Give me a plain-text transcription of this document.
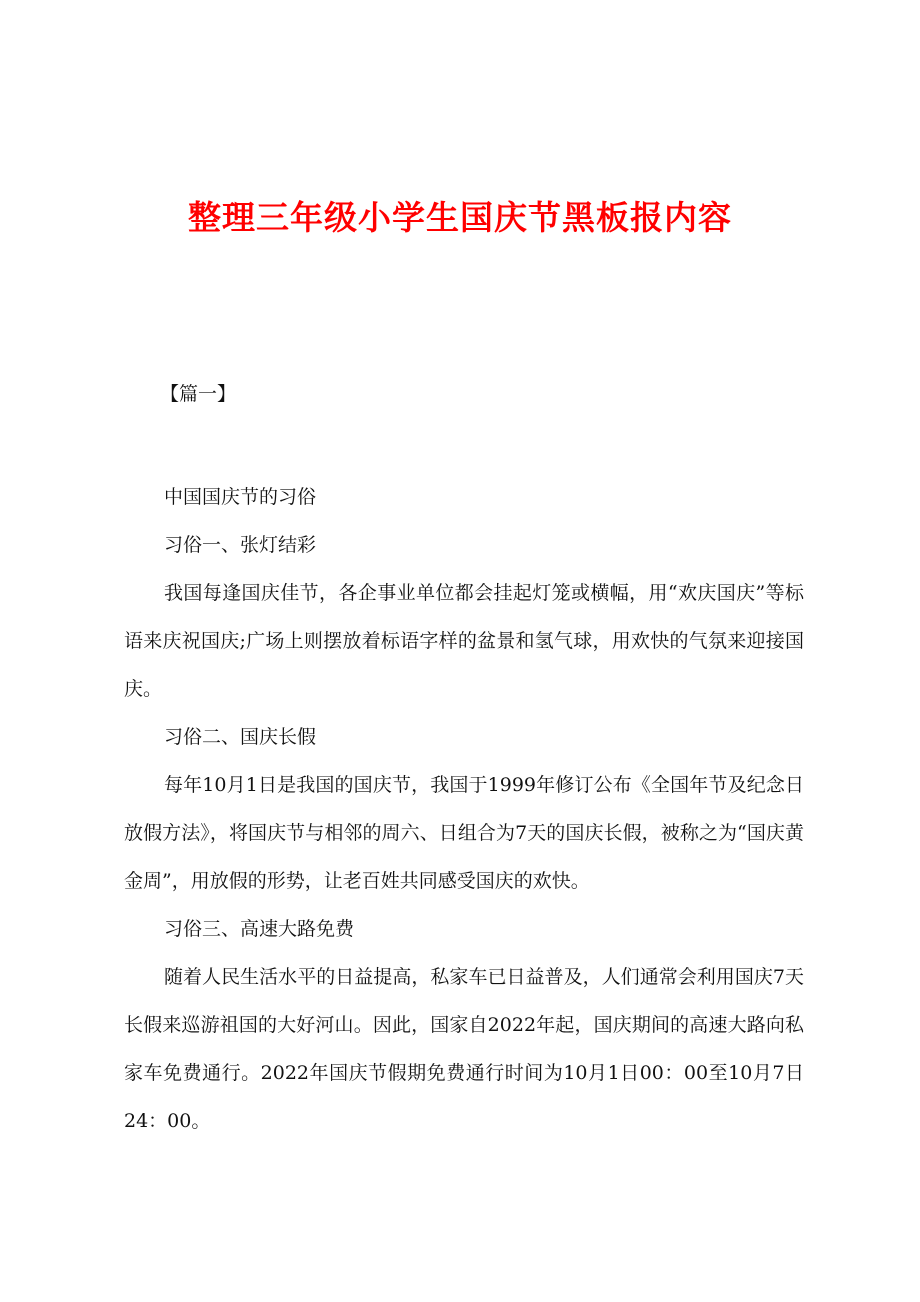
整理三年级小学生国庆节黑板报内容
【篇一】

中国国庆节的习俗

习俗一、张灯结彩

我国每逢国庆佳节，各企事业单位都会挂起灯笼或横幅，用“欢庆国庆”等标语来庆祝国庆;广场上则摆放着标语字样的盆景和氢气球，用欢快的气氛来迎接国庆。

习俗二、国庆长假

每年10月1日是我国的国庆节，我国于1999年修订公布《全国年节及纪念日放假方法》，将国庆节与相邻的周六、日组合为7天的国庆长假，被称之为“国庆黄金周”，用放假的形势，让老百姓共同感受国庆的欢快。

习俗三、高速大路免费

随着人民生活水平的日益提高，私家车已日益普及，人们通常会利用国庆7天长假来巡游祖国的大好河山。因此，国家自2022年起，国庆期间的高速大路向私家车免费通行。2022年国庆节假期免费通行时间为10月1日00：00至10月7日24：00。
